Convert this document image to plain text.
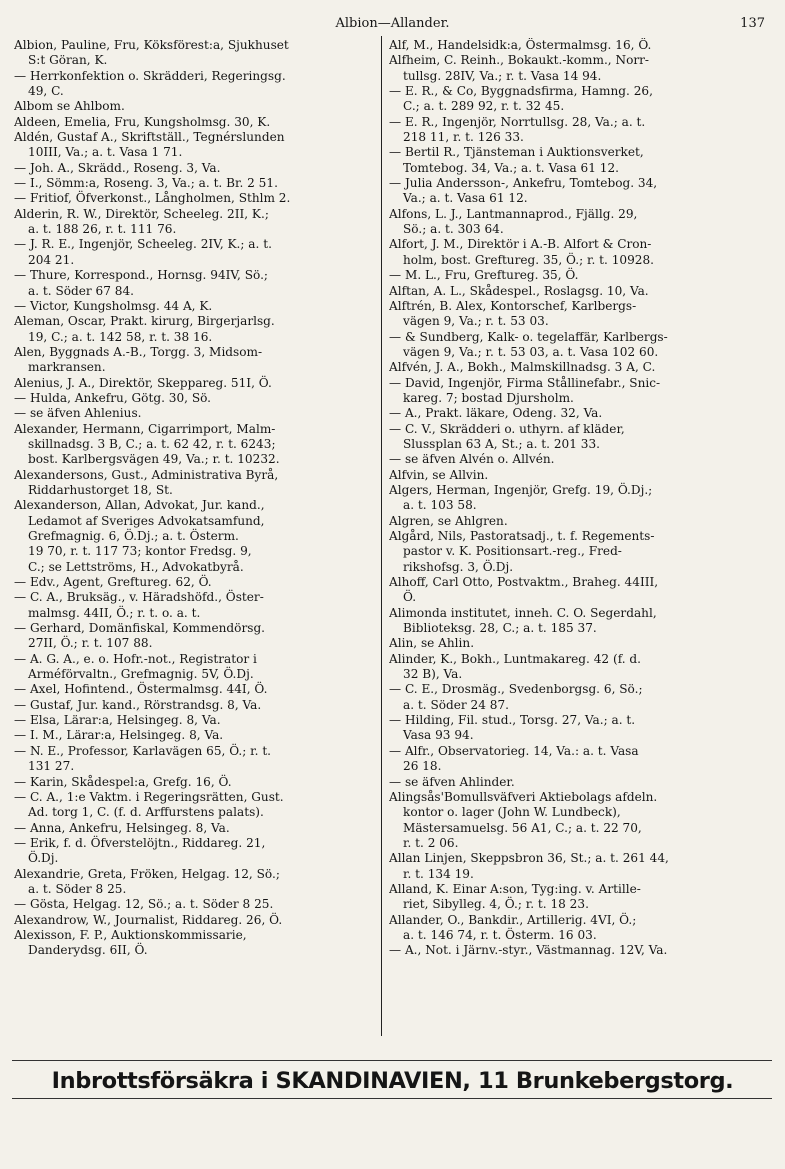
Albion—Allander.	137
Albion, Pauline, Fru, Köksförest:a, Sjukhuset
S:t Göran, K.
— Herrkonfektion o. Skrädderi, Regeringsg.
49, C.
Albom se Ahlbom.
Aldeen, Emelia, Fru, Kungsholmsg. 30, K.
Aldén, Gustaf A., Skriftställ., Tegnérslunden
10III, Va.; a. t. Vasa 1 71.
— Joh. A., Skrädd., Roseng. 3, Va.
— I., Sömm:a, Roseng. 3, Va.; a. t. Br. 2 51.
— Fritiof, Öfverkonst., Långholmen, Sthlm 2.
Alderin, R. W., Direktör, Scheeleg. 2II, K.;
a. t. 188 26, r. t. 111 76.
— J. R. E., Ingenjör, Scheeleg. 2IV, K.; a. t.
204 21.
— Thure, Korrespond., Hornsg. 94IV, Sö.;
a. t. Söder 67 84.
— Victor, Kungsholmsg. 44 A, K.
Aleman, Oscar, Prakt. kirurg, Birgerjarlsg.
19, C.; a. t. 142 58, r. t. 38 16.
Alen, Byggnads A.-B., Torgg. 3, Midsom-
markransen.
Alenius, J. A., Direktör, Skeppareg. 51I, Ö.
— Hulda, Ankefru, Götg. 30, Sö.
— se äfven Ahlenius.
Alexander, Hermann, Cigarrimport, Malm-
skillnadsg. 3 B, C.; a. t. 62 42, r. t. 6243;
bost. Karlbergsvägen 49, Va.; r. t. 10232.
Alexandersons, Gust., Administrativa Byrå,
Riddarhustorget 18, St.
Alexanderson, Allan, Advokat, Jur. kand.,
Ledamot af Sveriges Advokatsamfund,
Grefmagnig. 6, Ö.Dj.; a. t. Österm.
19 70, r. t. 117 73; kontor Fredsg. 9,
C.; se Lettströms, H., Advokatbyrå.
— Edv., Agent, Greftureg. 62, Ö.
— C. A., Bruksäg., v. Häradshöfd., Öster-
malmsg. 44II, Ö.; r. t. o. a. t.
— Gerhard, Domänfiskal, Kommendörsg.
27II, Ö.; r. t. 107 88.
— A. G. A., e. o. Hofr.-not., Registrator i
Arméförvaltn., Grefmagnig. 5V, Ö.Dj.
— Axel, Hofintend., Östermalmsg. 44I, Ö.
— Gustaf, Jur. kand., Rörstrandsg. 8, Va.
— Elsa, Lärar:a, Helsingeg. 8, Va.
— I. M., Lärar:a, Helsingeg. 8, Va.
— N. E., Professor, Karlavägen 65, Ö.; r. t.
131 27.
— Karin, Skådespel:a, Grefg. 16, Ö.
— C. A., 1:e Vaktm. i Regeringsrätten, Gust.
Ad. torg 1, C. (f. d. Arffurstens palats).
— Anna, Ankefru, Helsingeg. 8, Va.
— Erik, f. d. Öfverstelöjtn., Riddareg. 21,
Ö.Dj.
Alexandrie, Greta, Fröken, Helgag. 12, Sö.;
a. t. Söder 8 25.
— Gösta, Helgag. 12, Sö.; a. t. Söder 8 25.
Alexandrow, W., Journalist, Riddareg. 26, Ö.
Alexisson, F. P., Auktionskommissarie,
Danderydsg. 6II, Ö.
Alf, M., Handelsidk:a, Östermalmsg. 16, Ö.
Alfheim, C. Reinh., Bokaukt.-komm., Norr-
tullsg. 28IV, Va.; r. t. Vasa 14 94.
— E. R., & Co, Byggnadsfirma, Hamng. 26,
C.; a. t. 289 92, r. t. 32 45.
— E. R., Ingenjör, Norrtullsg. 28, Va.; a. t.
218 11, r. t. 126 33.
— Bertil R., Tjänsteman i Auktionsverket,
Tomtebog. 34, Va.; a. t. Vasa 61 12.
— Julia Andersson-, Ankefru, Tomtebog. 34,
Va.; a. t. Vasa 61 12.
Alfons, L. J., Lantmannaprod., Fjällg. 29,
Sö.; a. t. 303 64.
Alfort, J. M., Direktör i A.-B. Alfort & Cron-
holm, bost. Greftureg. 35, Ö.; r. t. 10928.
— M. L., Fru, Greftureg. 35, Ö.
Alftan, A. L., Skådespel., Roslagsg. 10, Va.
Alftrén, B. Alex, Kontorschef, Karlbergs-
vägen 9, Va.; r. t. 53 03.
— & Sundberg, Kalk- o. tegelaffär, Karlbergs-
vägen 9, Va.; r. t. 53 03, a. t. Vasa 102 60.
Alfvén, J. A., Bokh., Malmskillnadsg. 3 A, C.
— David, Ingenjör, Firma Stållinefabr., Snic-
kareg. 7; bostad Djursholm.
— A., Prakt. läkare, Odeng. 32, Va.
— C. V., Skrädderi o. uthyrn. af kläder,
Slussplan 63 A, St.; a. t. 201 33.
— se äfven Alvén o. Allvén.
Alfvin, se Allvin.
Algers, Herman, Ingenjör, Grefg. 19, Ö.Dj.;
a. t. 103 58.
Algren, se Ahlgren.
Algård, Nils, Pastoratsadj., t. f. Regements-
pastor v. K. Positionsart.-reg., Fred-
rikshofsg. 3, Ö.Dj.
Alhoff, Carl Otto, Postvaktm., Braheg. 44III,
Ö.
Alimonda institutet, inneh. C. O. Segerdahl,
Biblioteksg. 28, C.; a. t. 185 37.
Alin, se Ahlin.
Alinder, K., Bokh., Luntmakareg. 42 (f. d.
32 B), Va.
— C. E., Drosmäg., Svedenborgsg. 6, Sö.;
a. t. Söder 24 87.
— Hilding, Fil. stud., Torsg. 27, Va.; a. t.
Vasa 93 94.
— Alfr., Observatorieg. 14, Va.: a. t. Vasa
26 18.
— se äfven Ahlinder.
Alingsås'Bomullsväfveri Aktiebolags afdeln.
kontor o. lager (John W. Lundbeck),
Mästersamuelsg. 56 A1, C.; a. t. 22 70,
r. t. 2 06.
Allan Linjen, Skeppsbron 36, St.; a. t. 261 44,
r. t. 134 19.
Alland, K. Einar A:son, Tyg:ing. v. Artille-
riet, Sibylleg. 4, Ö.; r. t. 18 23.
Allander, O., Bankdir., Artillerig. 4VI, Ö.;
a. t. 146 74, r. t. Österm. 16 03.
— A., Not. i Järnv.-styr., Västmannag. 12V, Va.
Inbrottsförsäkra i SKANDINAVIEN, 11 Brunkebergstorg.
